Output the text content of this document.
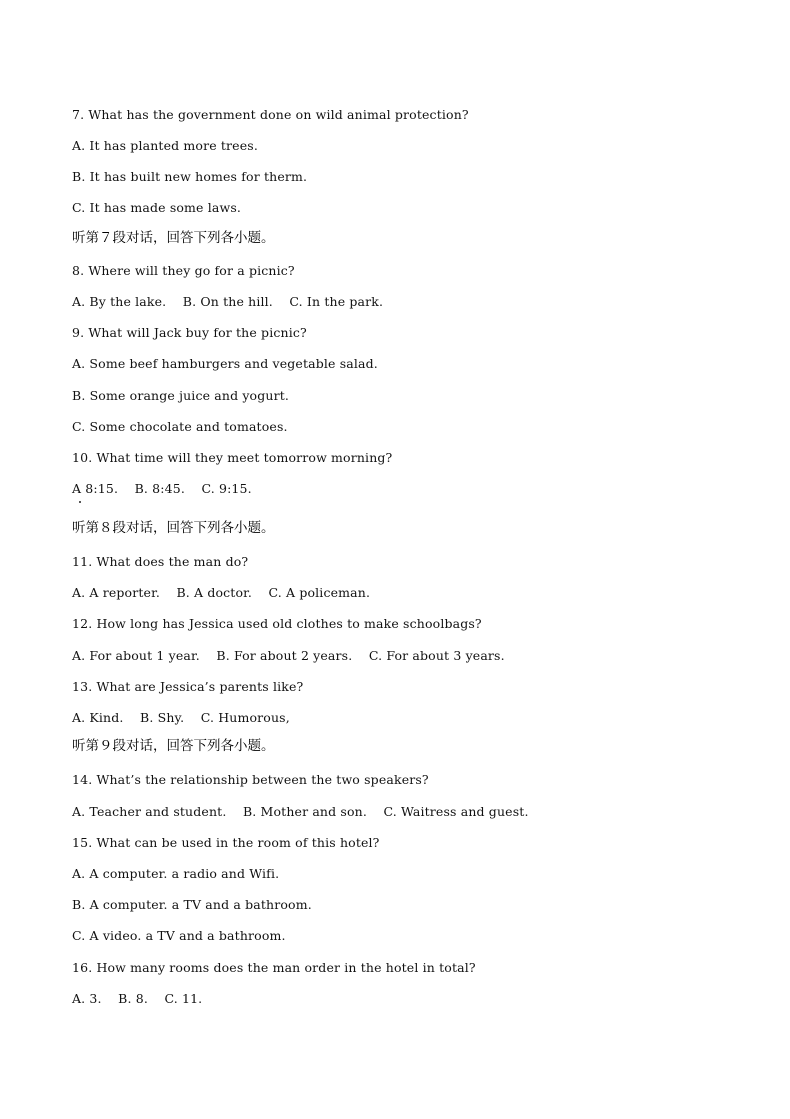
7. What has the government done on wild animal protection?
A. It has planted more trees.
B. It has built new homes for therm.
C. It has made some laws.
听第７段对话，回答下列各小题。
8. Where will they go for a picnic?
A. By the lake.    B. On the hill.    C. In the park.
9. What will Jack buy for the picnic?
A. Some beef hamburgers and vegetable salad.
B. Some orange juice and yogurt.
C. Some chocolate and tomatoes.
10. What time will they meet tomorrow morning?
A 8:15.    B. 8:45.    C. 9:15.
听第８段对话，回答下列各小题。
11. What does the man do?
A. A reporter.    B. A doctor.    C. A policeman.
12. How long has Jessica used old clothes to make schoolbags?
A. For about 1 year.    B. For about 2 years.    C. For about 3 years.
13. What are Jessica’s parents like?
A. Kind.    B. Shy.    C. Humorous,
听第９段对话，回答下列各小题。
14. What’s the relationship between the two speakers?
A. Teacher and student.    B. Mother and son.    C. Waitress and guest.
15. What can be used in the room of this hotel?
A. A computer. a radio and Wifi.
B. A computer. a TV and a bathroom.
C. A video. a TV and a bathroom.
16. How many rooms does the man order in the hotel in total?
A. 3.    B. 8.    C. 11.
